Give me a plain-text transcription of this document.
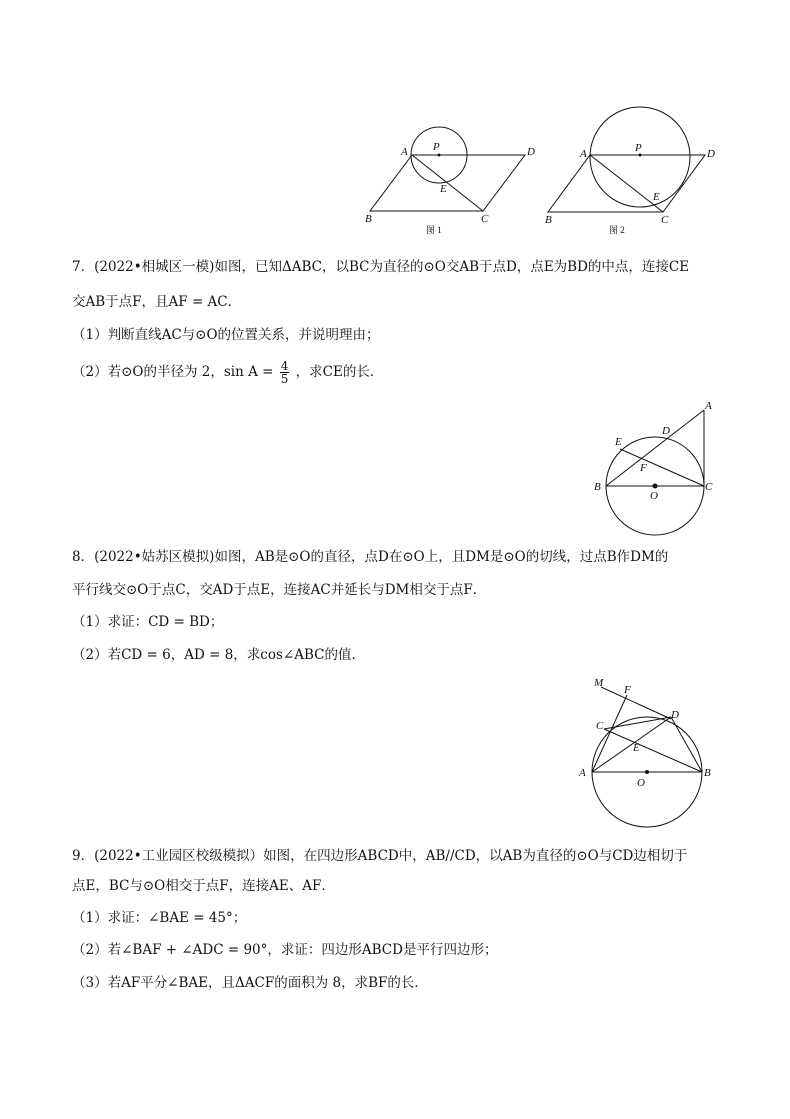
A P	D
E
B	C
图 1
A	P	D
E
B	C
图 2
7．(2022•相城区一模)如图，已知ΔABC，以BC为直径的⊙O交AB于点D，点E为BD的中点，连接CE
交AB于点F，且AF = AC．
（1）判断直线AC与⊙O的位置关系，并说明理由；
（2）若⊙O的半径为 2，$\sin A = \frac{4}{5}$ ，求CE的长．
A
D
E
F
B
O
C
8．(2022•姑苏区模拟)如图，AB是⊙O的直径，点D在⊙O上，且DM是⊙O的切线，过点B作DM的
平行线交⊙O于点C，交AD于点E，连接AC并延长与DM相交于点F．
（1）求证：CD = BD；
（2）若CD = 6，AD = 8，求cos∠ABC的值．
M
F
C
D
E
A
O
B
9．(2022•工业园区校级模拟）如图，在四边形ABCD中，AB//CD，以AB为直径的⊙O与CD边相切于
点E，BC与⊙O相交于点F，连接AE、AF．
（1）求证：∠BAE = 45°；
（2）若∠BAF + ∠ADC = 90°，求证：四边形ABCD是平行四边形；
（3）若AF平分∠BAE，且ΔACF的面积为 8，求BF的长．
